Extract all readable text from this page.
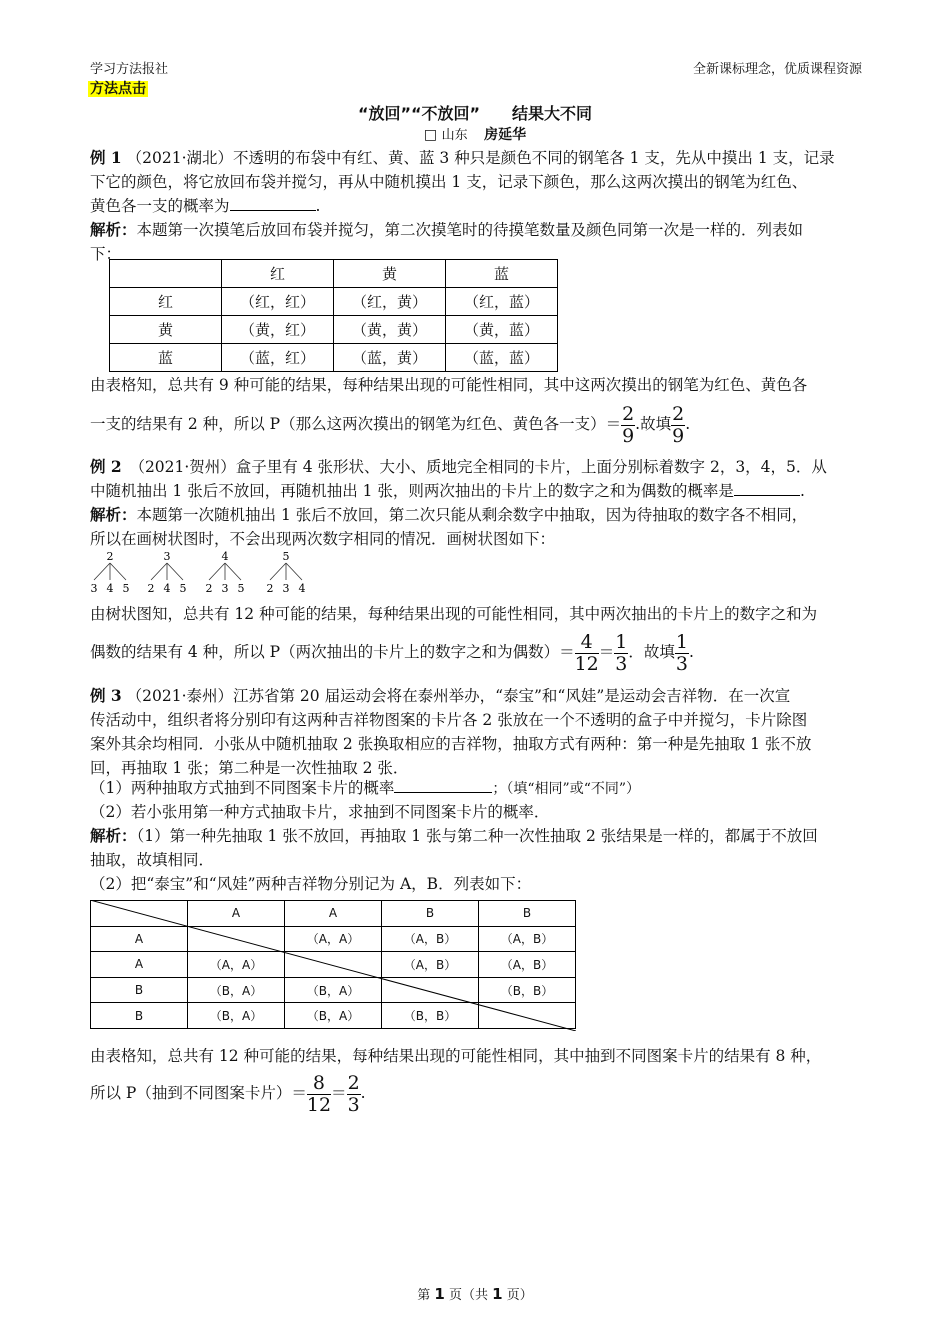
学习方法报社	全新课标理念，优质课程资源
方法点击
“放回”“不放回”　　结果大不同
□ 山东 房延华
例 1 （2021·湖北）不透明的布袋中有红、黄、蓝 3 种只是颜色不同的钢笔各 1 支，先从中摸出 1 支，记录
下它的颜色，将它放回布袋并搅匀，再从中随机摸出 1 支，记录下颜色，那么这两次摸出的钢笔为红色、
黄色各一支的概率为	.
解析：本题第一次摸笔后放回布袋并搅匀，第二次摸笔时的待摸笔数量及颜色同第一次是一样的．列表如
下：
	红	黄	蓝
红	（红，红）	（红，黄）	（红，蓝）
黄	（黄，红）	（黄，黄）	（黄，蓝）
蓝	（蓝，红）	（蓝，黄）	（蓝，蓝）
由表格知，总共有 9 种可能的结果，每种结果出现的可能性相同，其中这两次摸出的钢笔为红色、黄色各
一支的结果有 2 种，所以 P（那么这两次摸出的钢笔为红色、黄色各一支）＝ $\frac{2}{9}$ .故填 $\frac{2}{9}$ .
例 2　（2021·贺州）盒子里有 4 张形状、大小、质地完全相同的卡片，上面分别标着数字 2，3，4，5．从
中随机抽出 1 张后不放回，再随机抽出 1 张，则两次抽出的卡片上的数字之和为偶数的概率是	.
解析：本题第一次随机抽出 1 张后不放回，第二次只能从剩余数字中抽取，因为待抽取的数字各不相同，
所以在画树状图时，不会出现两次数字相同的情况．画树状图如下：
2
3 4 5
3
2 4 5
4
2 3 5
5
2 3 4
由树状图知，总共有 12 种可能的结果，每种结果出现的可能性相同，其中两次抽出的卡片上的数字之和为
偶数的结果有 4 种，所以 P（两次抽出的卡片上的数字之和为偶数）＝ $\frac{4}{12} = \frac{1}{3}$ ．故填 $\frac{1}{3}$ .
例 3 （2021·泰州）江苏省第 20 届运动会将在泰州举办，“泰宝”和“风娃”是运动会吉祥物．在一次宣
传活动中，组织者将分别印有这两种吉祥物图案的卡片各 2 张放在一个不透明的盒子中并搅匀，卡片除图
案外其余均相同．小张从中随机抽取 2 张换取相应的吉祥物，抽取方式有两种：第一种是先抽取 1 张不放
回，再抽取 1 张；第二种是一次性抽取 2 张．
（1）两种抽取方式抽到不同图案卡片的概率	；（填“相同”或“不同”）
（2）若小张用第一种方式抽取卡片，求抽到不同图案卡片的概率．
解析：（1）第一种先抽取 1 张不放回，再抽取 1 张与第二种一次性抽取 2 张结果是一样的，都属于不放回
抽取，故填相同．
（2）把“泰宝”和“风娃”两种吉祥物分别记为 A，B．列表如下：
	A	A	B	B
A		（A，A）	（A，B）	（A，B）
A	（A，A）		（A，B）	（A，B）
B	（B，A）	（B，A）		（B，B）
B	（B，A）	（B，A）	（B，B）	
由表格知，总共有 12 种可能的结果，每种结果出现的可能性相同，其中抽到不同图案卡片的结果有 8 种，
所以 P（抽到不同图案卡片）＝ $\frac{8}{12} = \frac{2}{3}$ .
第 1 页（共 1 页）
